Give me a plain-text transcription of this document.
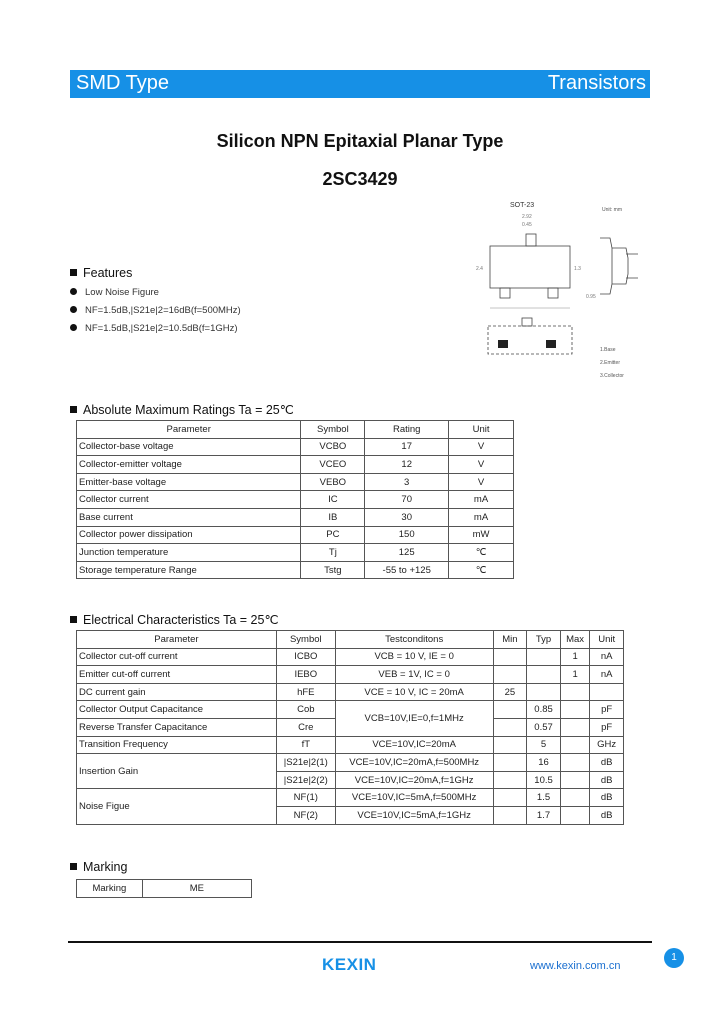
SMD Type	Transistors
Silicon NPN Epitaxial Planar Type
2SC3429
SOT-23
Unit: mm
2.92
0.45
2.4	1.3
0.95
1.Base
2.Emitter
3.Collector
Features
Low Noise Figure
NF=1.5dB,|S21e|2=16dB(f=500MHz)
NF=1.5dB,|S21e|2=10.5dB(f=1GHz)
Absolute Maximum Ratings Ta = 25℃
Parameter	Symbol	Rating	Unit
Collector-base voltage	VCBO	17	V
Collector-emitter voltage	VCEO	12	V
Emitter-base voltage	VEBO	3	V
Collector current	IC	70	mA
Base current	IB	30	mA
Collector power dissipation	PC	150	mW
Junction temperature	Tj	125	℃
Storage temperature Range	Tstg	-55 to +125	℃
Electrical Characteristics Ta = 25℃
Parameter	Symbol	Testconditons	Min	Typ	Max	Unit
Collector cut-off current	ICBO	VCB = 10 V, IE = 0			1	nA
Emitter cut-off current	IEBO	VEB = 1V, IC = 0			1	nA
DC current gain	hFE	VCE = 10 V, IC = 20mA	25			
Collector Output Capacitance	Cob	VCB=10V,IE=0,f=1MHz		0.85		pF
Reverse Transfer Capacitance	Cre			0.57		pF
Transition Frequency	fT	VCE=10V,IC=20mA		5		GHz
Insertion Gain	|S21e|2(1)	VCE=10V,IC=20mA,f=500MHz		16		dB
	|S21e|2(2)	VCE=10V,IC=20mA,f=1GHz		10.5		dB
Noise Figue	NF(1)	VCE=10V,IC=5mA,f=500MHz		1.5		dB
	NF(2)	VCE=10V,IC=5mA,f=1GHz		1.7		dB
Marking
Marking	ME
KEXIN	www.kexin.com.cn
1
